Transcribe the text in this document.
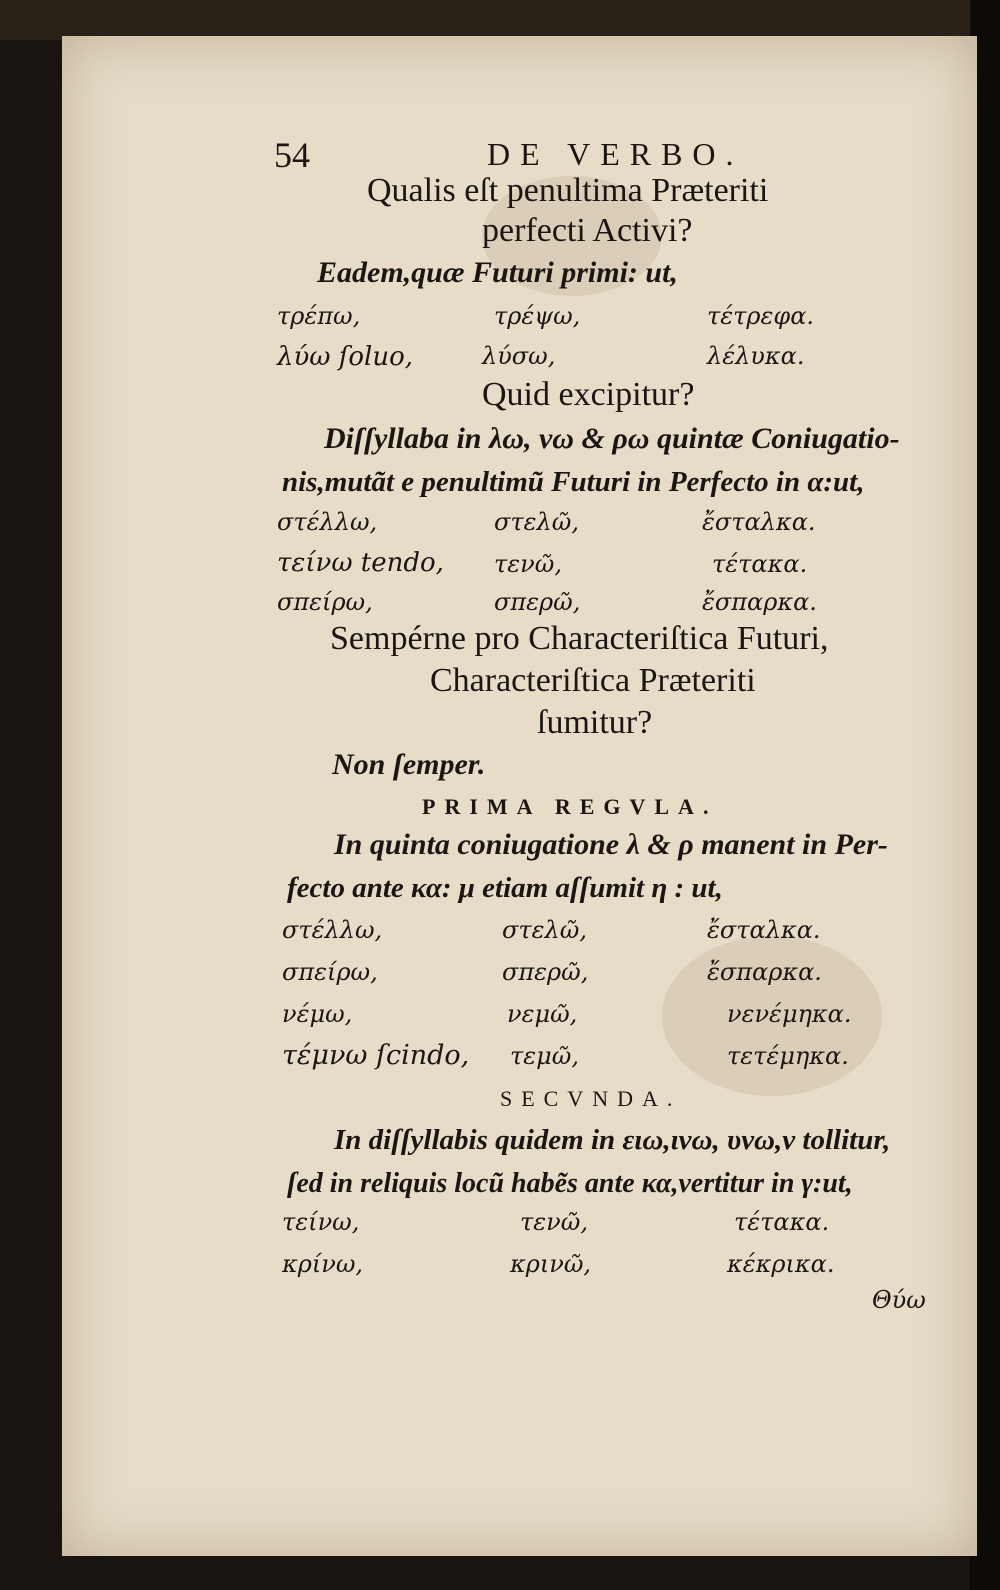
54	DE VERBO.
Qualis eſt penultima Præteriti
perfecti Activi?
Eadem,quæ Futuri primi: ut,
τρέπω,	τρέψω,	τέτρεφα.
λύω ſoluo,	λύσω,	λέλυκα.
Quid excipitur?
Diſſyllaba in λω, νω & ρω quintæ Coniugatio-
nis,mutãt e penultimũ Futuri in Perfecto in α:ut,
στέλλω,	στελῶ,	ἔσταλκα.
τείνω tendo, τενῶ,	τέτακα.
σπείρω,	σπερῶ,	ἔσπαρκα.
Sempérne pro Characteriſtica Futuri,
Characteriſtica Præteriti
ſumitur?
Non ſemper.
PRIMA REGVLA.
In quinta coniugatione λ & ρ manent in Per-
fecto ante κα: μ etiam aſſumit η : ut,
στέλλω,	στελῶ,	ἔσταλκα.
σπείρω,	σπερῶ,	ἔσπαρκα.
νέμω,	νεμῶ,	νενέμηκα.
τέμνω ſcindo, τεμῶ,	τετέμηκα.
SECVNDA.
In diſſyllabis quidem in ειω,ινω, υνω,ν tollitur,
ſed in reliquis locũ habẽs ante κα,vertitur in γ:ut,
τείνω,	τενῶ,	τέτακα.
κρίνω,	κρινῶ,	κέκρικα.
Θύω
